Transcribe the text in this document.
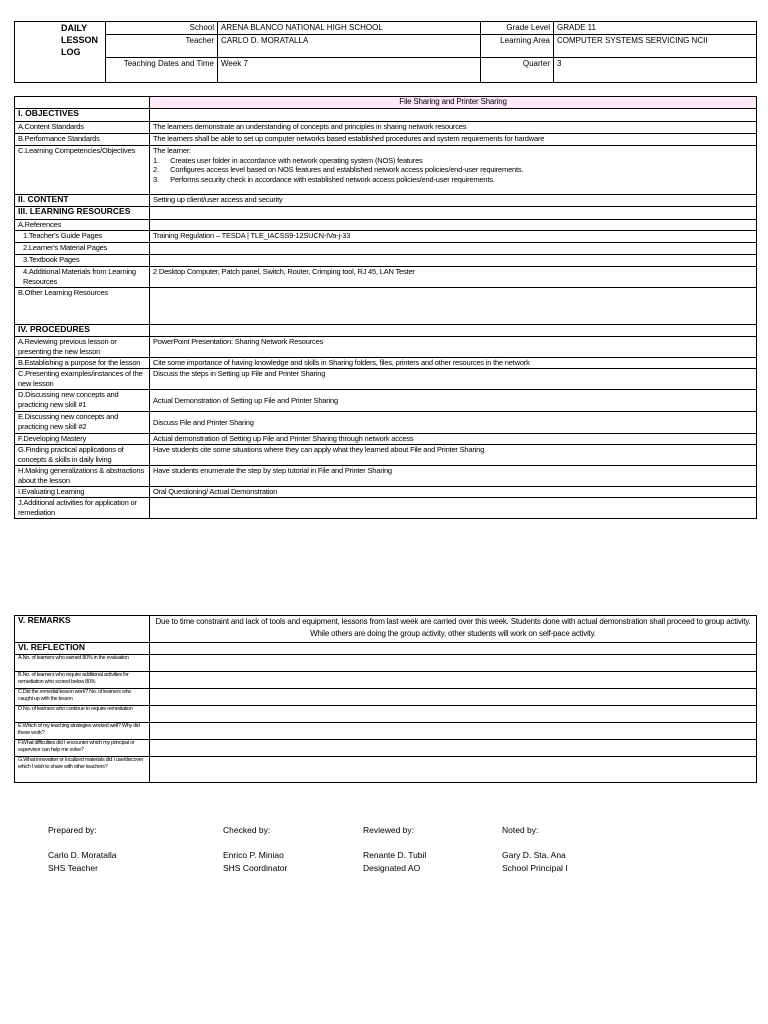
DAILY
LESSON
LOG	School	ARENA BLANCO NATIONAL HIGH SCHOOL	Grade Level	GRADE 11
	Teacher	CARLO D. MORATALLA	Learning Area	COMPUTER SYSTEMS SERVICING NCII
	Teaching Dates and Time	Week 7	Quarter	3
	File Sharing and Printer Sharing
I. OBJECTIVES	
A.Content Standards	The learners demonstrate an understanding of concepts and principles in sharing network resources
B.Performance Standards	The learners shall be able to set up computer networks based established procedures and system requirements for hardware
C.Learning Competencies/Objectives	The learner:
1.      Creates user folder in accordance with network operating system (NOS) features
2.      Configures access level based on NOS features and established network access policies/end-user requirements.
3.      Performs security check in accordance with established network access policies/end-user requirements.

II. CONTENT	Setting up client/user access and security
III. LEARNING RESOURCES	
A.References	
1.Teacher's Guide Pages	Training Regulation – TESDA | TLE_IACSS9-12SUCN-IVa-j-33
2.Learner's Material Pages	
3.Textbook Pages	
4.Additional Materials from Learning Resources	2 Desktop Computer, Patch panel, Switch, Router, Crimping tool, RJ 45, LAN Tester
B.Other Learning Resources	
IV. PROCEDURES	
A.Reviewing previous lesson or presenting the new lesson	PowerPoint Presentation: Sharing Network Resources
B.Establishing a purpose for the lesson	Cite some importance of having knowledge and skills in Sharing folders, files, printers and other resources in the network
C.Presenting examples/instances of the new lesson	Discuss the steps in Setting up File and Printer Sharing
D.Discussing new concepts and practicing new skill #1	Actual Demonstration of Setting up File and Printer Sharing
E.Discussing new concepts and practicing new skill #2	Discuss File and Printer Sharing
F.Developing Mastery	Actual demonstration of Setting up File and Printer Sharing through network access
G.Finding practical applications of concepts & skills in daily living	Have students cite some situations where they can apply what they learned about File and Printer Sharing
H.Making generalizations & abstractions about the lesson	Have students enumerate the step by step tutorial in File and Printer Sharing
I.Evaluating Learning	Oral Questioning/ Actual Demonstration
J.Additional activities for application or remediation	
V. REMARKS	Due to time constraint and lack of tools and equipment, lessons from last week are carried over this week. Students done with actual demonstration shall proceed to group activity. While others are doing the group activity, other students will work on self-pace activity.
VI. REFLECTION	
A.No. of learners who earned 80% in the evaluation	
B.No. of learners who require additional activities for remediation who scored below 80%	
C.Did the remedial lesson work? No. of learners who caught up with the lesson	
D.No. of learners who continue to require remediation	
E.Which of my teaching strategies worked well? Why did these work?	
F.What difficulties did I encounter which my principal or supervisor can help me solve?	
G.What innovation or localized materials did I use/discover which I wish to share with other teachers?	
Prepared by:
Carlo D. Moratalla
SHS Teacher
Checked by:
Enrico P. Miniao
SHS Coordinator
Reviewed by:
Renante D. Tubil
Designated AO
Noted by:
Gary D. Sta. Ana
School Principal I
